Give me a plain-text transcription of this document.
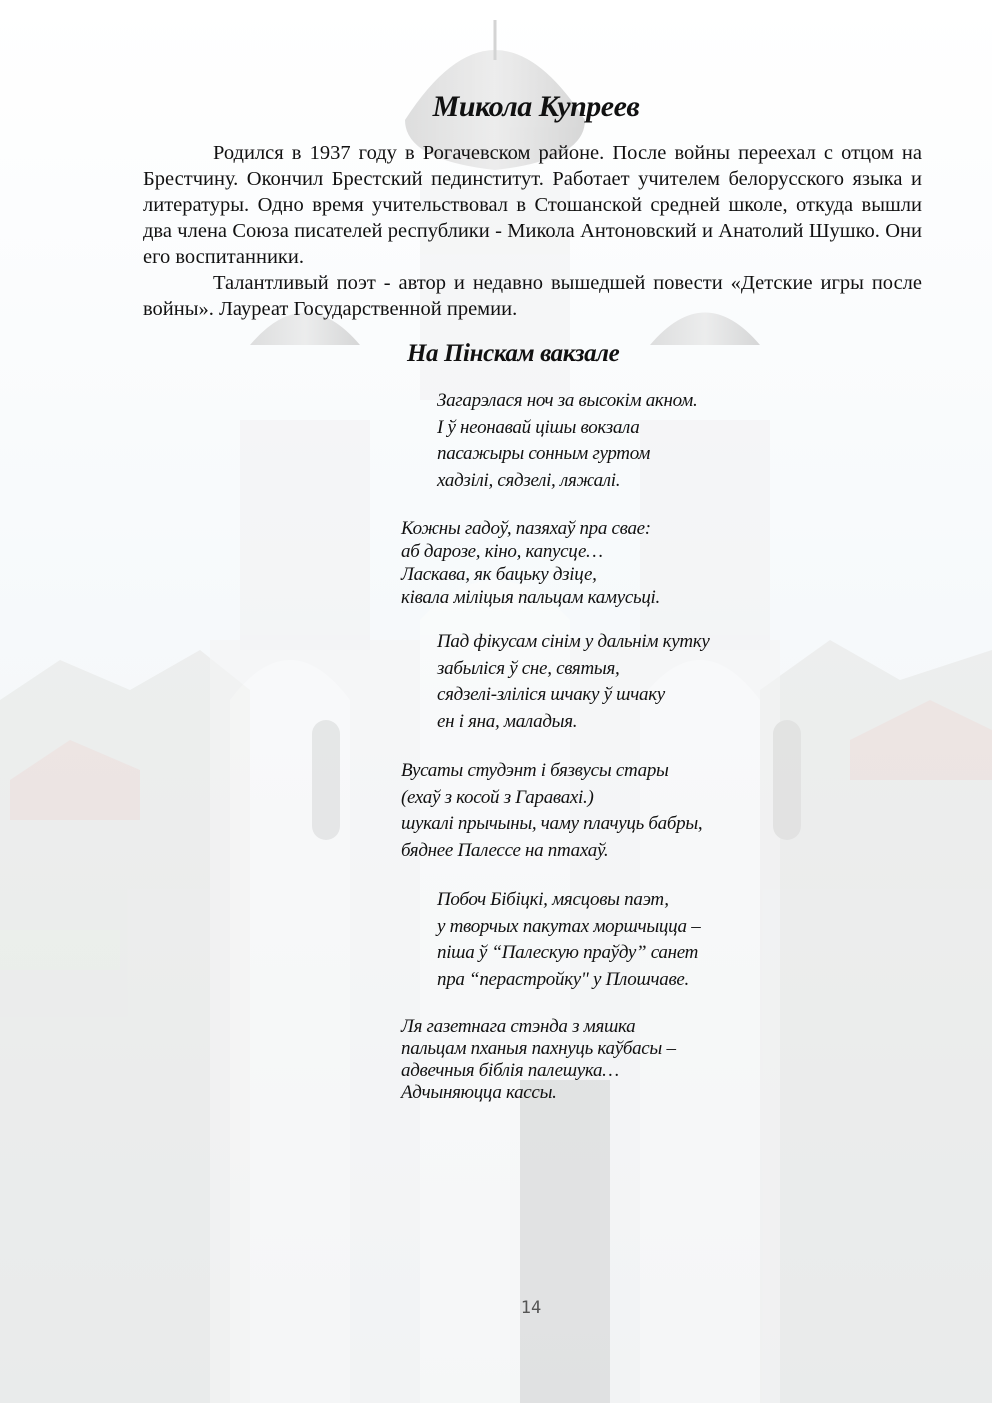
Микола Купреев

Родился в 1937 году в Рогачевском районе. После войны переехал с отцом на Брестчину. Окончил Брестский пединститут. Работает учителем белорусского языка и литературы. Одно время учительствовал в Стошанской средней школе, откуда вышли два члена Союза писателей республики - Микола Антоновский и Анатолий Шушко. Они его воспитанники.

Талантливый поэт - автор и недавно вышедшей повести «Детские игры после войны». Лауреат Государственной премии.

На Пінскам вакзале
Загарэлася ноч за высокім акном.
І ў неонавай цішы вокзала
пасажыры сонным гуртом
хадзілі, сядзелі, ляжалі.
Кожны гадоў, пазяхаў пра свае:
аб дарозе, кіно, капусце…
Ласкава, як бацьку дзіце,
ківала міліцыя пальцам камусьці.
Пад фікусам сінім у дальнім кутку
забыліся ў сне, святыя,
сядзелі-зліліся шчаку ў шчаку
ен і яна, маладыя.
Вусаты студэнт і бязвусы стары
(ехаў з косой з Гаравахі.)
шукалі прычыны, чаму плачуць бабры,
бяднее Палессе на птахаў.
Побоч Бібіцкі, мясцовы паэт,
у творчых пакутах моршчыцца –
піша ў “Палескую праўду” санет
пра “перастройку" у Плошчаве.
Ля газетнага стэнда з мяшка
пальцам пханыя пахнуць каўбасы –
адвечныя біблія палешука…
Адчыняюцца кассы.
14
